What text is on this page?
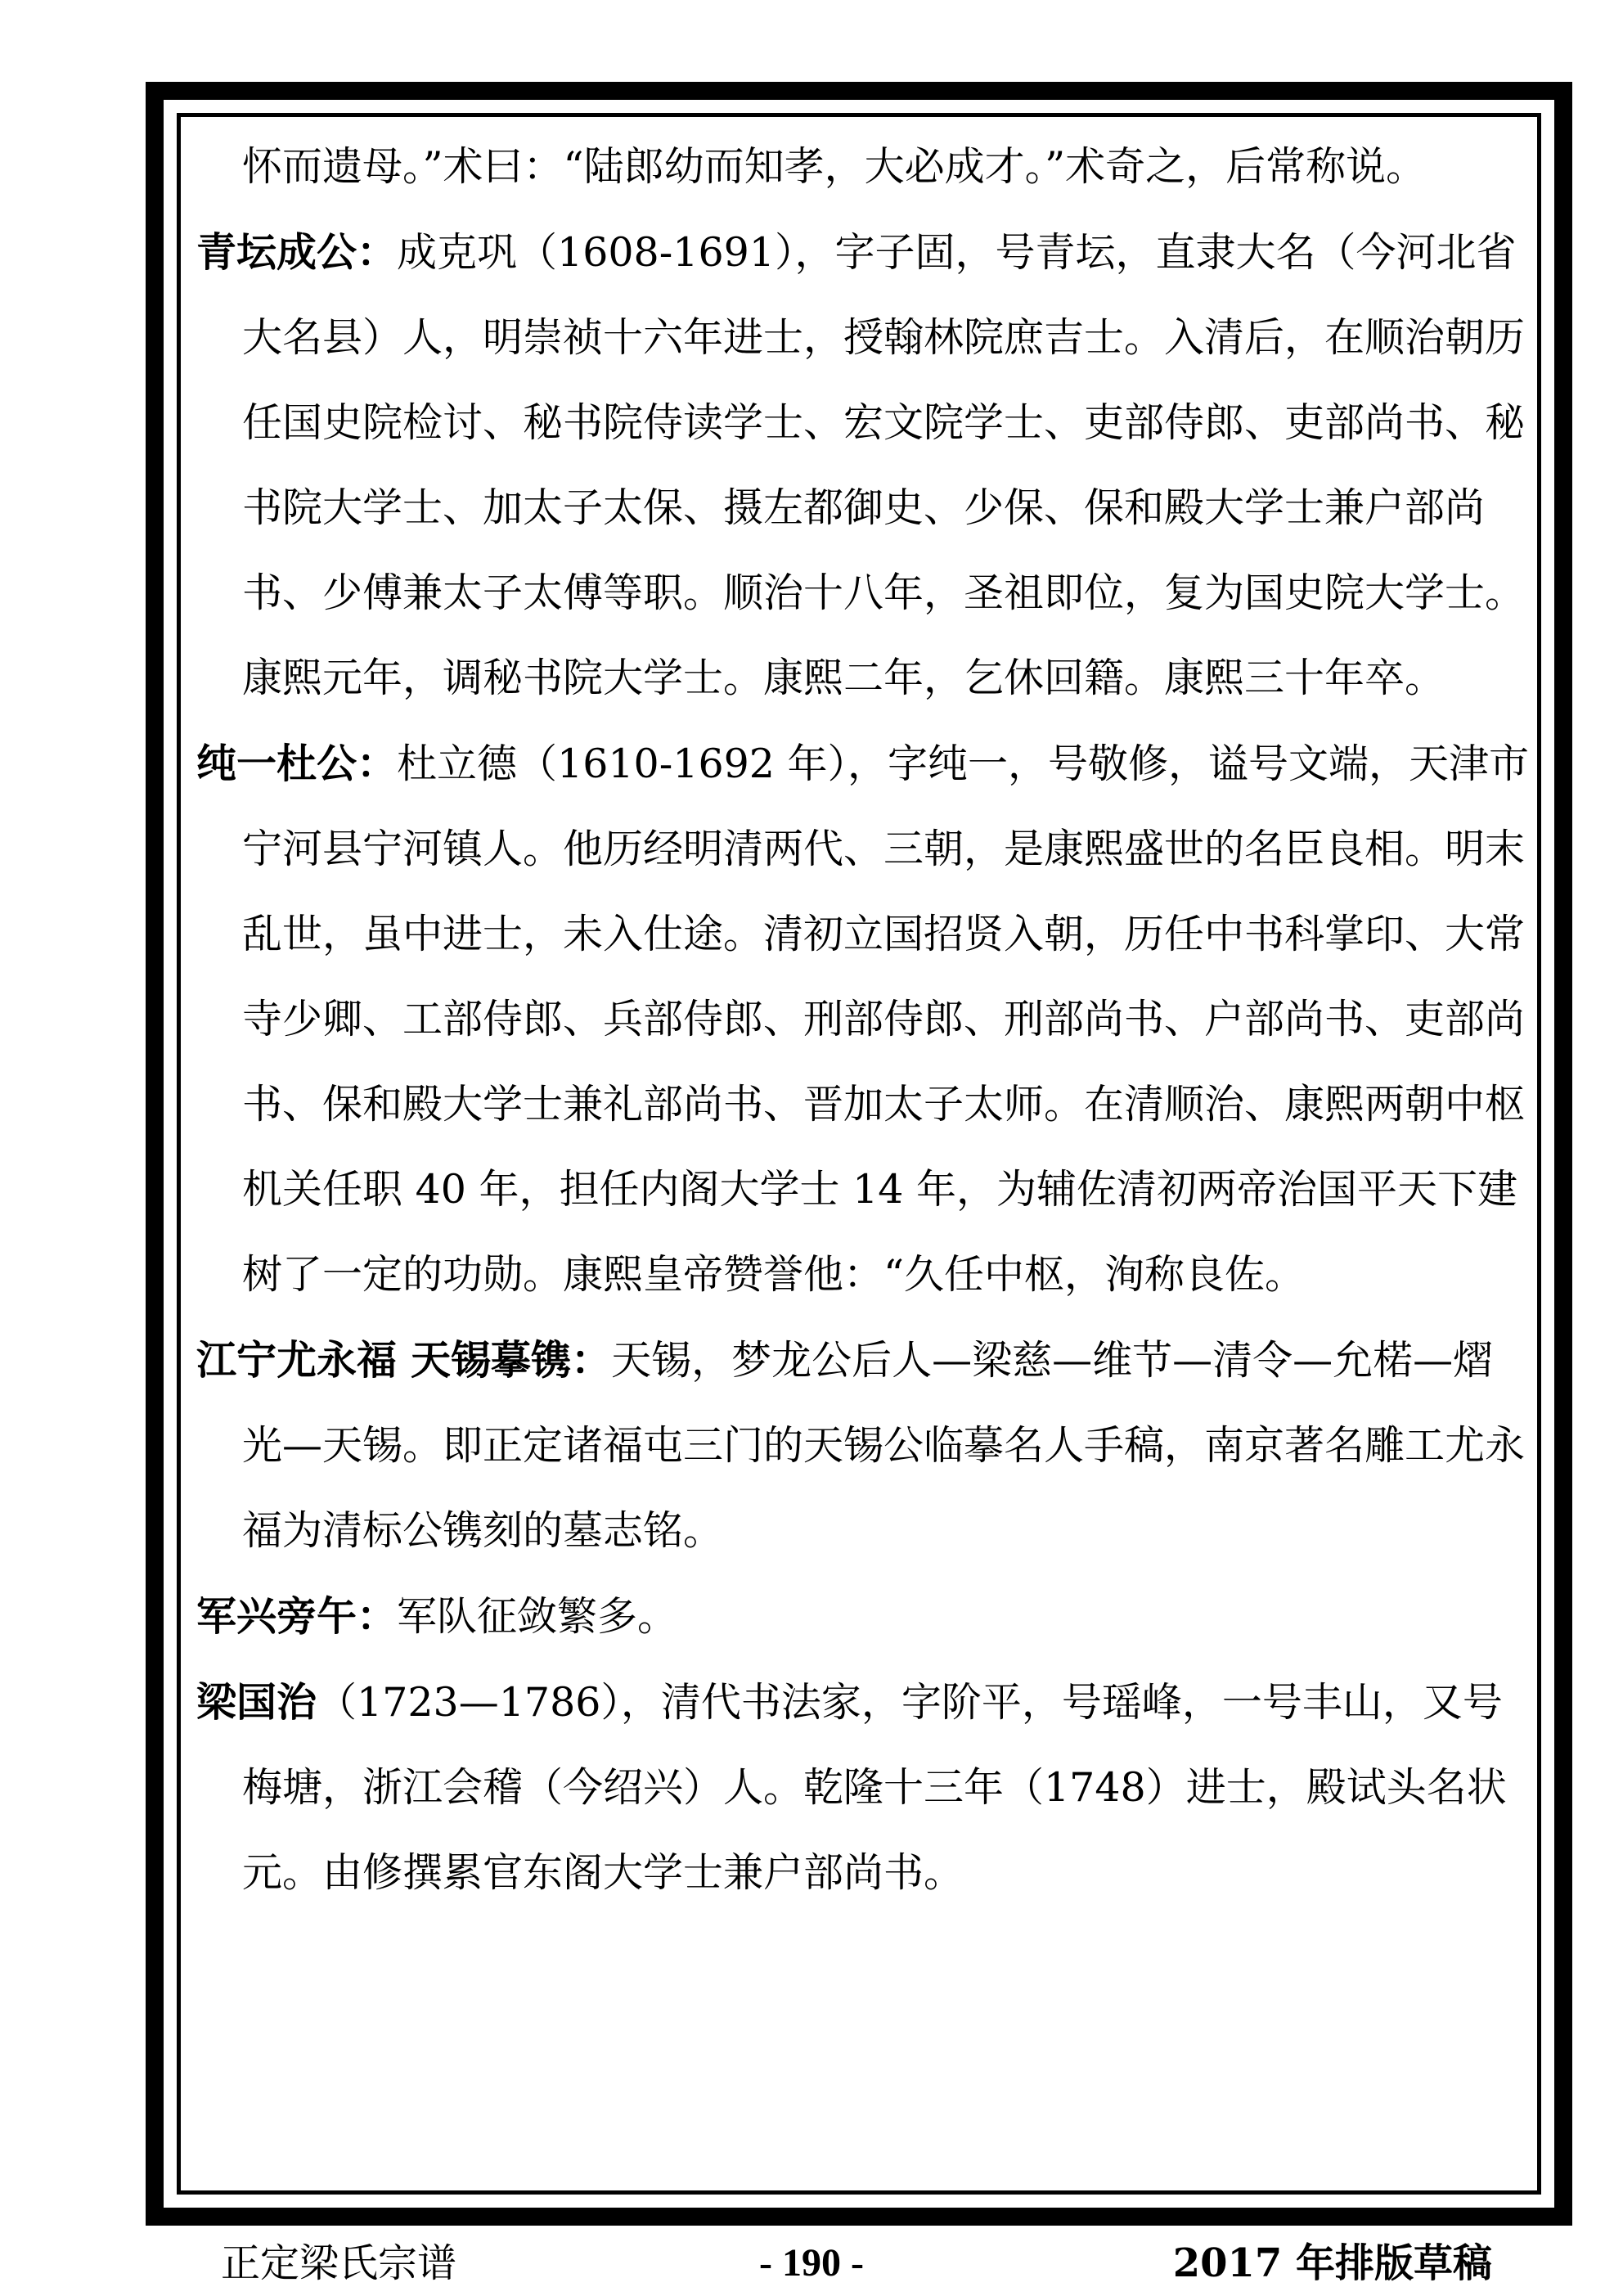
怀而遗母。”术曰：“陆郎幼而知孝，大必成才。”术奇之，后常称说。

青坛成公：成克巩（1608-1691），字子固，号青坛，直隶大名（今河北省大名县）人，明崇祯十六年进士，授翰林院庶吉士。入清后，在顺治朝历任国史院检讨、秘书院侍读学士、宏文院学士、吏部侍郎、吏部尚书、秘书院大学士、加太子太保、摄左都御史、少保、保和殿大学士兼户部尚书、少傅兼太子太傅等职。顺治十八年，圣祖即位，复为国史院大学士。康熙元年，调秘书院大学士。康熙二年，乞休回籍。康熙三十年卒。

纯一杜公：杜立德（1610-1692 年），字纯一，号敬修，谥号文端，天津市宁河县宁河镇人。他历经明清两代、三朝，是康熙盛世的名臣良相。明末乱世，虽中进士，未入仕途。清初立国招贤入朝，历任中书科掌印、大常寺少卿、工部侍郎、兵部侍郎、刑部侍郎、刑部尚书、户部尚书、吏部尚书、保和殿大学士兼礼部尚书、晋加太子太师。在清顺治、康熙两朝中枢机关任职 40 年，担任内阁大学士 14 年，为辅佐清初两帝治国平天下建树了一定的功勋。康熙皇帝赞誉他：“久任中枢，洵称良佐。

江宁尤永福 天锡摹镌：天锡，梦龙公后人—梁慈—维节—清令—允楉—熠光—天锡。即正定诸福屯三门的天锡公临摹名人手稿，南京著名雕工尤永福为清标公镌刻的墓志铭。

军兴旁午：军队征敛繁多。

梁国治（1723—1786），清代书法家，字阶平，号瑶峰，一号丰山，又号梅塘，浙江会稽（今绍兴）人。乾隆十三年（1748）进士，殿试头名状元。由修撰累官东阁大学士兼户部尚书。

正定梁氏宗谱	- 190 -	2017 年排版草稿
